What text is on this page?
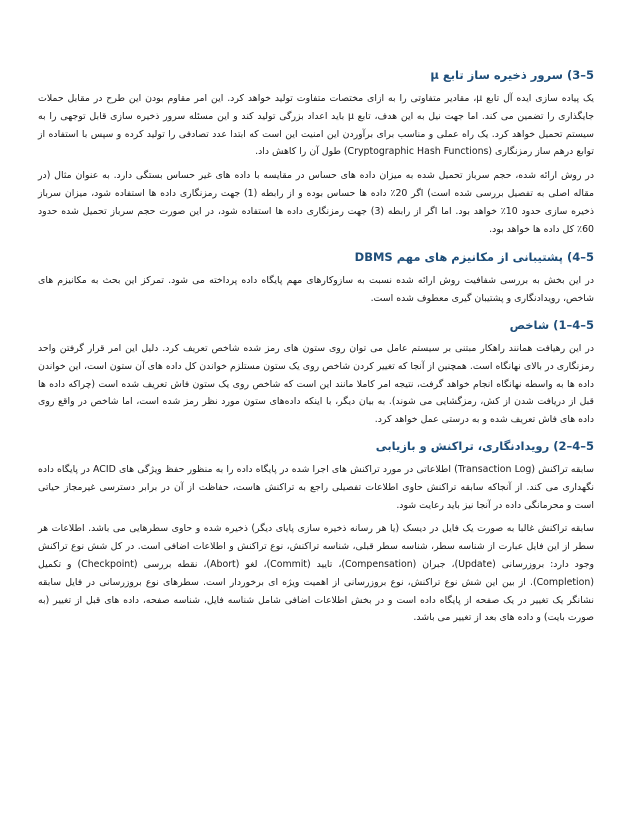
5–3) سرور ذخیره ساز تابع µ

یک پیاده سازی ایده آل تابع µ، مقادیر متفاوتی را به ازای مختصات متفاوت تولید خواهد کرد. این امر مقاوم بودن این طرح در مقابل حملات جایگذاری را تضمین می کند. اما جهت نیل به این هدف، تابع µ باید اعداد بزرگی تولید کند و این مسئله سرور ذخیره سازی قابل توجهی را به سیستم تحمیل خواهد کرد. یک راه عملی و مناسب برای برآوردن این امنیت این است که ابتدا عدد تصادفی را تولید کرده و سپس با استفاده از توابع درهم ساز رمزنگاری (Cryptographic Hash Functions) طول آن را کاهش داد.

در روش ارائه شده، حجم سرباز تحمیل شده به میزان داده های حساس در مقایسه با داده های غیر حساس بستگی دارد. به عنوان مثال (در مقاله اصلی به تفصیل بررسی شده است) اگر 20٪ داده ها حساس بوده و از رابطه (1) جهت رمزنگاری داده ها استفاده شود، میزان سرباز ذخیره سازی حدود 10٪ خواهد بود. اما اگر از رابطه (3) جهت رمزنگاری داده ها استفاده شود، در این صورت حجم سرباز تحمیل شده حدود 60٪ کل داده ها خواهد بود.

5–4) پشتیبانی از مکانیزم های مهم DBMS

در این بخش به بررسی شفافیت روش ارائه شده نسبت به سازوکارهای مهم پایگاه داده پرداخته می شود. تمرکز این بحث به مکانیزم های شاخص، رویدادنگاری و پشتیبان گیری معطوف شده است.

5–4–1) شاخص

در این رهیافت همانند راهکار مبتنی بر سیستم عامل می توان روی ستون های رمز شده شاخص تعریف کرد. دلیل این امر قرار گرفتن واحد رمزنگاری در بالای نهانگاه است. همچنین از آنجا که تغییر کردن شاخص روی یک ستون مستلزم خواندن کل داده های آن ستون است، این خواندن داده ها به واسطه نهانگاه انجام خواهد گرفت، نتیجه امر کاملا مانند این است که شاخص روی یک ستون فاش تعریف شده است (چراکه داده ها قبل از دریافت شدن از کش، رمزگشایی می شوند). به بیان دیگر، با اینکه داده‌های ستون مورد نظر رمز شده است، اما شاخص در واقع روی داده های فاش تعریف شده و به درستی عمل خواهد کرد.

5–4–2) رویدادنگاری، تراکنش و بازیابی

سابقه تراکنش (Transaction Log) اطلاعاتی در مورد تراکنش های اجرا شده در پایگاه داده را به منظور حفظ ویژگی های ACID در پایگاه داده نگهداری می کند. از آنجاکه سابقه تراکنش حاوی اطلاعات تفصیلی راجع به تراکنش هاست، حفاظت از آن در برابر دسترسی غیرمجاز حیاتی است و محرمانگی داده در آنجا نیز باید رعایت شود.

سابقه تراکنش غالبا به صورت یک فایل در دیسک (یا هر رسانه ذخیره سازی پایای دیگر) ذخیره شده و حاوی سطرهایی می باشد. اطلاعات هر سطر از این فایل عبارت از شناسه سطر، شناسه سطر قبلی، شناسه تراکنش، نوع تراکنش و اطلاعات اضافی است. در کل شش نوع تراکنش وجود دارد: بروزرسانی (Update)، جبران (Compensation)، تایید (Commit)، لغو (Abort)، نقطه بررسی (Checkpoint) و تکمیل (Completion). از بین این شش نوع تراکنش، نوع بروزرسانی از اهمیت ویژه ای برخوردار است. سطرهای نوع بروزرسانی در فایل سابقه نشانگر یک تغییر در یک صفحه از پایگاه داده است و در بخش اطلاعات اضافی شامل شناسه فایل، شناسه صفحه، داده های قبل از تغییر (به صورت بایت) و داده های بعد از تغییر می باشد.
